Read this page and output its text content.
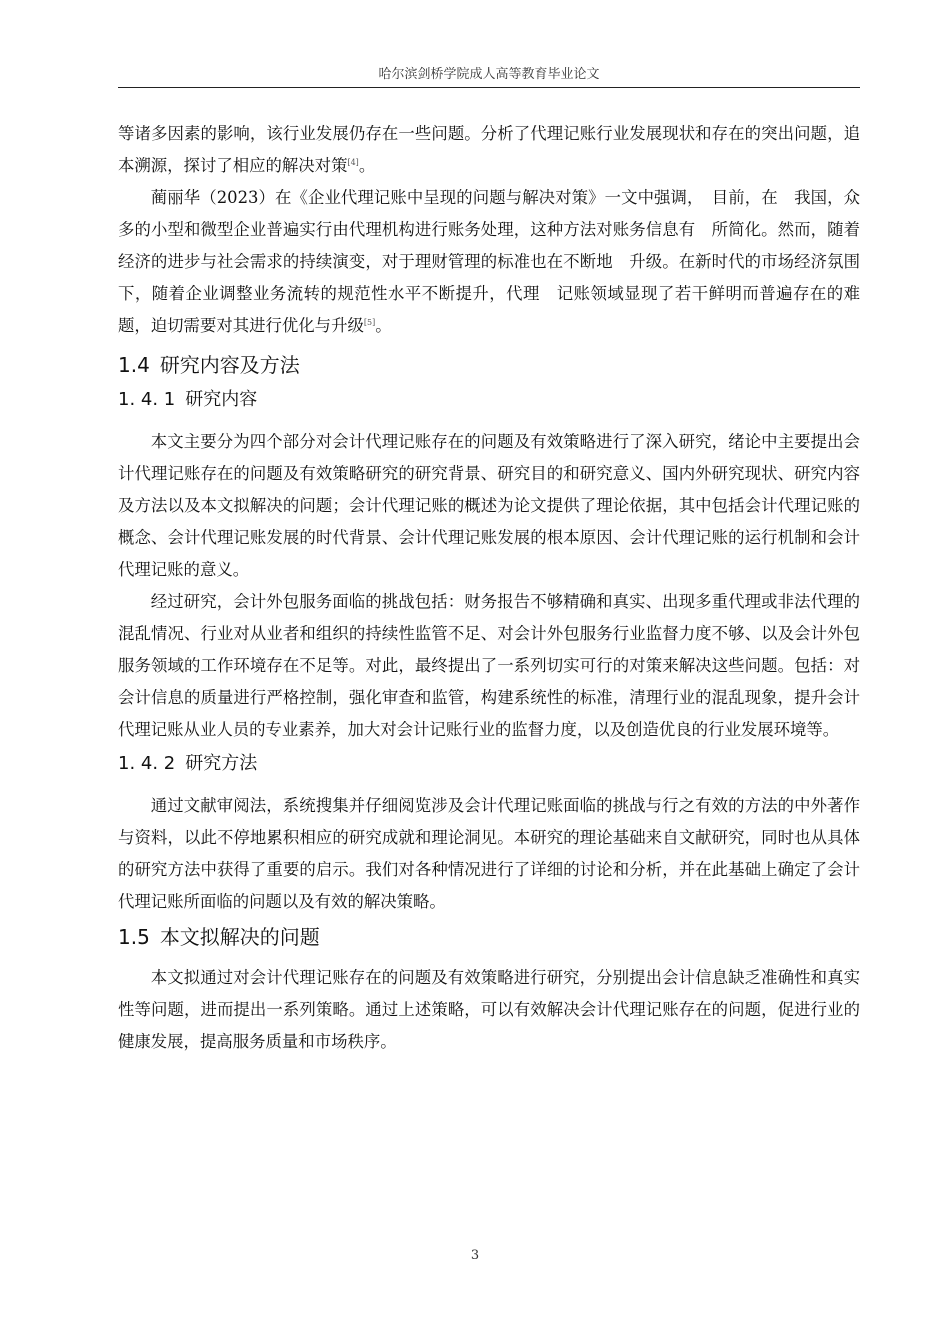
哈尔滨剑桥学院成人高等教育毕业论文

等诸多因素的影响，该行业发展仍存在一些问题。分析了代理记账行业发展现状和存在的突出问题，追本溯源，探讨了相应的解决对策[4]。

蔺丽华（2023）在《企业代理记账中呈现的问题与解决对策》一文中强调，　目前，在　我国，众多的小型和微型企业普遍实行由代理机构进行账务处理，这种方法对账务信息有　所简化。然而，随着经济的进步与社会需求的持续演变，对于理财管理的标准也在不断地　升级。在新时代的市场经济氛围下，随着企业调整业务流转的规范性水平不断提升，代理　记账领域显现了若干鲜明而普遍存在的难题，迫切需要对其进行优化与升级[5]。

1.4 研究内容及方法
1. 4. 1 研究内容

本文主要分为四个部分对会计代理记账存在的问题及有效策略进行了深入研究，绪论中主要提出会计代理记账存在的问题及有效策略研究的研究背景、研究目的和研究意义、国内外研究现状、研究内容及方法以及本文拟解决的问题；会计代理记账的概述为论文提供了理论依据，其中包括会计代理记账的概念、会计代理记账发展的时代背景、会计代理记账发展的根本原因、会计代理记账的运行机制和会计代理记账的意义。

经过研究，会计外包服务面临的挑战包括：财务报告不够精确和真实、出现多重代理或非法代理的混乱情况、行业对从业者和组织的持续性监管不足、对会计外包服务行业监督力度不够、以及会计外包服务领域的工作环境存在不足等。对此，最终提出了一系列切实可行的对策来解决这些问题。包括：对会计信息的质量进行严格控制，强化审查和监管，构建系统性的标准，清理行业的混乱现象，提升会计代理记账从业人员的专业素养，加大对会计记账行业的监督力度，以及创造优良的行业发展环境等。

1. 4. 2 研究方法

通过文献审阅法，系统搜集并仔细阅览涉及会计代理记账面临的挑战与行之有效的方法的中外著作与资料，以此不停地累积相应的研究成就和理论洞见。本研究的理论基础来自文献研究，同时也从具体的研究方法中获得了重要的启示。我们对各种情况进行了详细的讨论和分析，并在此基础上确定了会计代理记账所面临的问题以及有效的解决策略。

1.5 本文拟解决的问题

本文拟通过对会计代理记账存在的问题及有效策略进行研究，分别提出会计信息缺乏准确性和真实性等问题，进而提出一系列策略。通过上述策略，可以有效解决会计代理记账存在的问题，促进行业的健康发展，提高服务质量和市场秩序。

3
